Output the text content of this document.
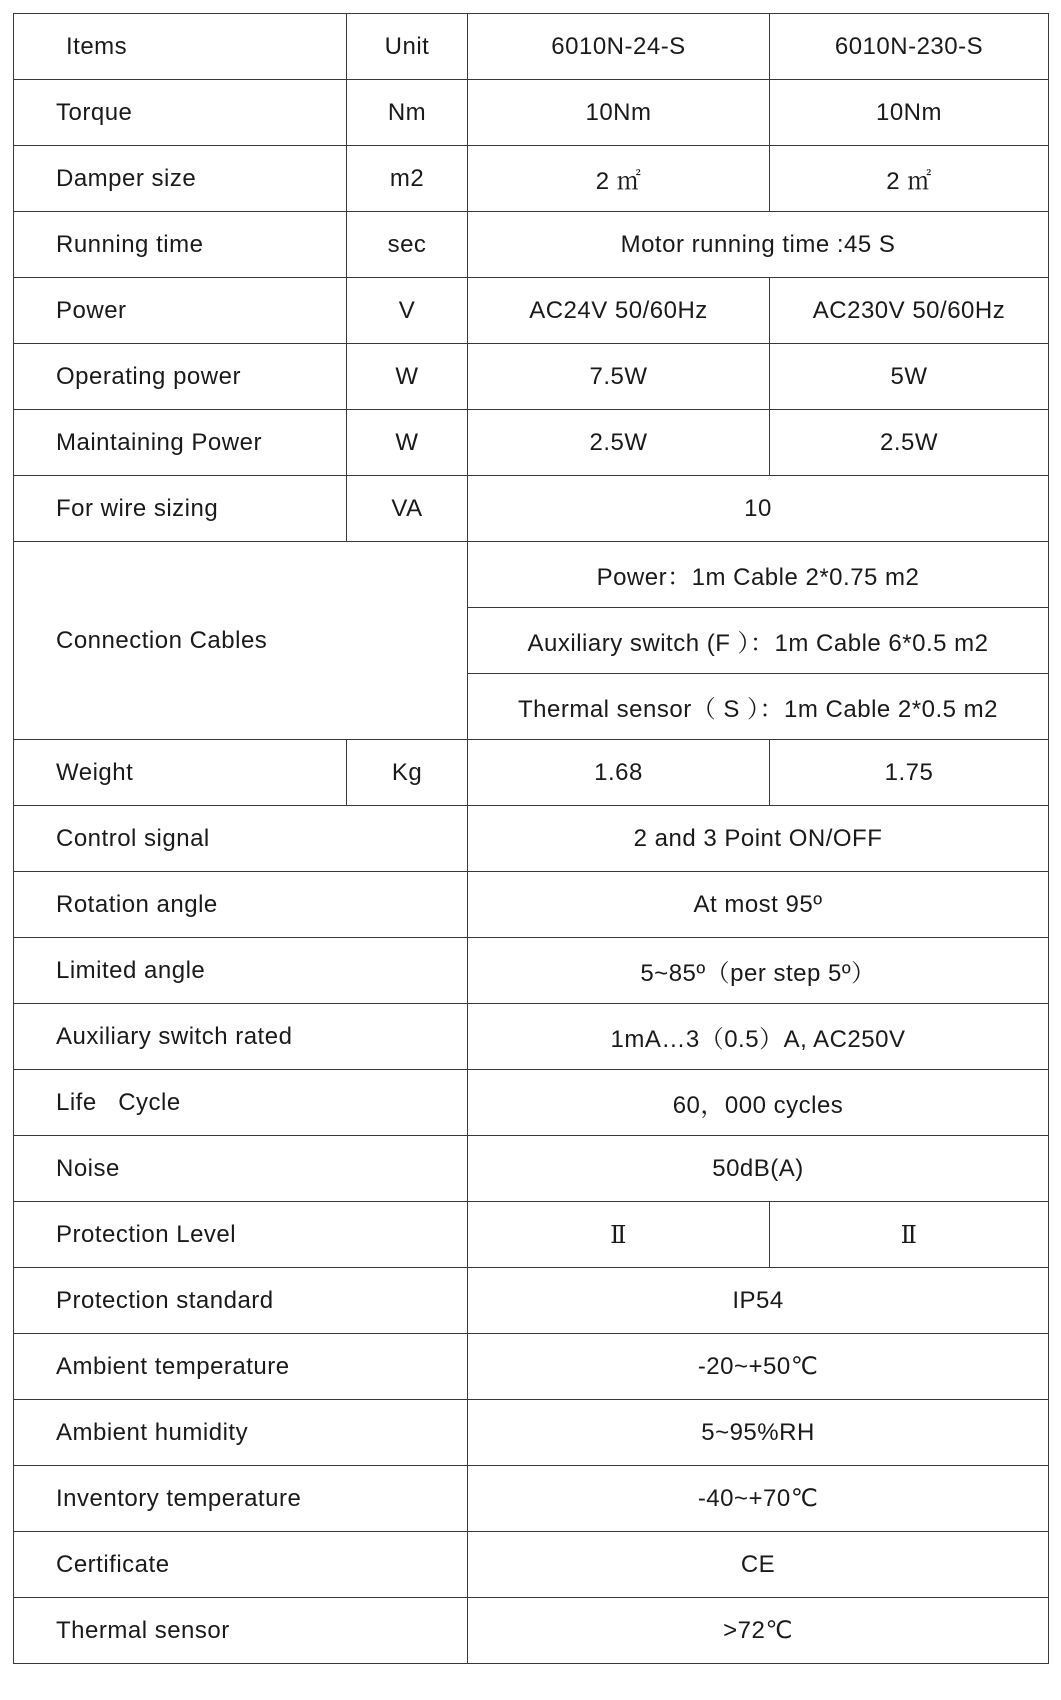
Items	Unit	6010N-24-S	6010N-230-S
Torque	Nm	10Nm	10Nm
Damper size	m2	2 ㎡	2 ㎡
Running time	sec	Motor running time :45 S	
Power	V	AC24V 50/60Hz	AC230V 50/60Hz
Operating power	W	7.5W	5W
Maintaining Power	W	2.5W	2.5W
For wire sizing	VA	10	
Connection Cables		Power：1m Cable 2*0.75 m2	
		Auxiliary switch (F ）：1m Cable 6*0.5 m2	
		Thermal sensor（ S ）：1m Cable 2*0.5 m2	
Weight	Kg	1.68	1.75
Control signal		2 and 3 Point ON/OFF	
Rotation angle		At most 95º	
Limited angle		5~85º（per step 5º）	
Auxiliary switch rated		1mA…3（0.5）A, AC250V	
Life   Cycle		60，000 cycles	
Noise		50dB(A)	
Protection Level		Ⅱ	Ⅱ
Protection standard		IP54	
Ambient temperature		-20~+50℃	
Ambient humidity		5~95%RH	
Inventory temperature		-40~+70℃	
Certificate		CE	
Thermal sensor		>72℃	
